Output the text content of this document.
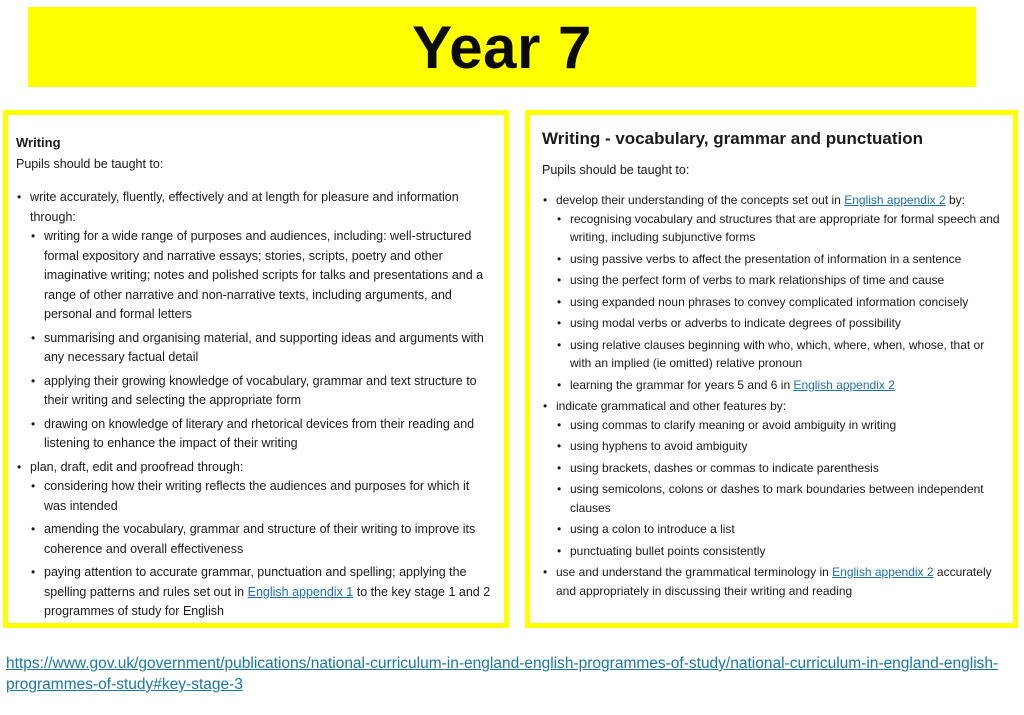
Year 7
Writing
Pupils should be taught to:
• write accurately, fluently, effectively and at length for pleasure and information through:
• writing for a wide range of purposes and audiences, including: well-structured formal expository and narrative essays; stories, scripts, poetry and other imaginative writing; notes and polished scripts for talks and presentations and a range of other narrative and non-narrative texts, including arguments, and personal and formal letters
• summarising and organising material, and supporting ideas and arguments with any necessary factual detail
• applying their growing knowledge of vocabulary, grammar and text structure to their writing and selecting the appropriate form
• drawing on knowledge of literary and rhetorical devices from their reading and listening to enhance the impact of their writing
• plan, draft, edit and proofread through:
• considering how their writing reflects the audiences and purposes for which it was intended
• amending the vocabulary, grammar and structure of their writing to improve its coherence and overall effectiveness
• paying attention to accurate grammar, punctuation and spelling; applying the spelling patterns and rules set out in English appendix 1 to the key stage 1 and 2 programmes of study for English
Writing - vocabulary, grammar and punctuation
Pupils should be taught to:
• develop their understanding of the concepts set out in English appendix 2 by:
• recognising vocabulary and structures that are appropriate for formal speech and writing, including subjunctive forms
• using passive verbs to affect the presentation of information in a sentence
• using the perfect form of verbs to mark relationships of time and cause
• using expanded noun phrases to convey complicated information concisely
• using modal verbs or adverbs to indicate degrees of possibility
• using relative clauses beginning with who, which, where, when, whose, that or with an implied (ie omitted) relative pronoun
• learning the grammar for years 5 and 6 in English appendix 2
• indicate grammatical and other features by:
• using commas to clarify meaning or avoid ambiguity in writing
• using hyphens to avoid ambiguity
• using brackets, dashes or commas to indicate parenthesis
• using semicolons, colons or dashes to mark boundaries between independent clauses
• using a colon to introduce a list
• punctuating bullet points consistently
• use and understand the grammatical terminology in English appendix 2 accurately and appropriately in discussing their writing and reading
https://www.gov.uk/government/publications/national-curriculum-in-england-english-programmes-of-study/national-curriculum-in-england-english-programmes-of-study#key-stage-3
